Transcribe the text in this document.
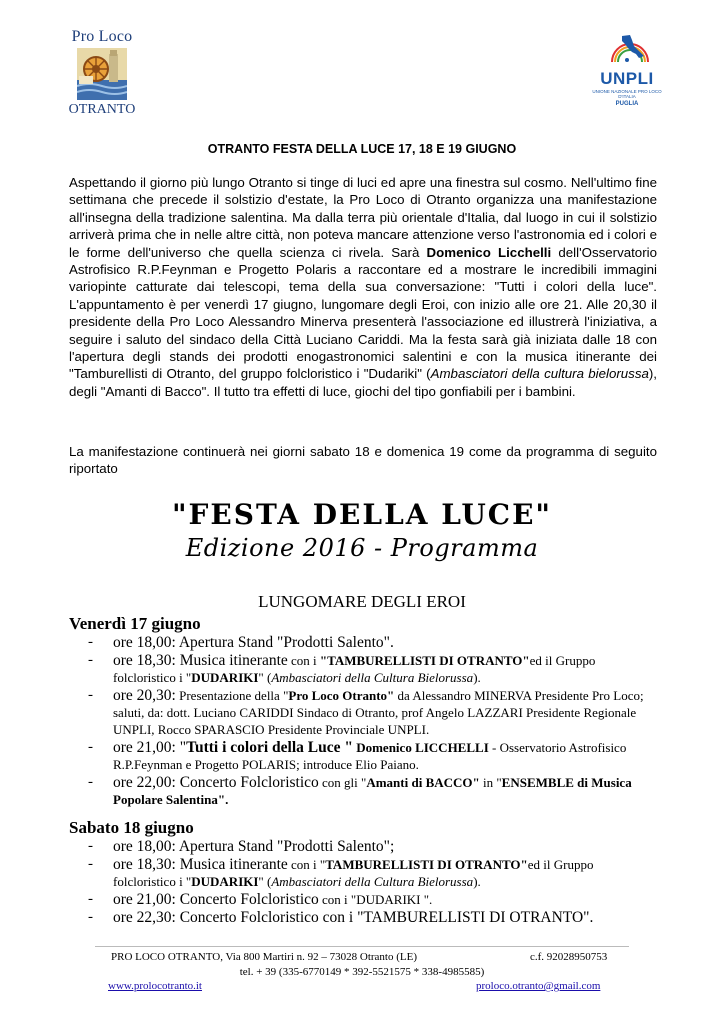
Pro Loco
OTRANTO
UNPLI
UNIONE NAZIONALE PRO LOCO D'ITALIA
PUGLIA
OTRANTO FESTA DELLA LUCE 17, 18 E 19 GIUGNO
Aspettando il giorno più lungo Otranto si tinge di luci ed apre una finestra sul cosmo. Nell'ultimo fine settimana che precede il solstizio d'estate, la Pro Loco di Otranto organizza una manifestazione all'insegna della tradizione salentina. Ma dalla terra più orientale d'Italia, dal luogo in cui il solstizio arriverà prima che in nelle altre città, non poteva mancare attenzione verso l'astronomia ed i colori e le forme dell'universo che quella scienza ci rivela. Sarà Domenico Licchelli dell'Osservatorio Astrofisico R.P.Feynman e Progetto Polaris a raccontare ed a mostrare le incredibili immagini variopinte catturate dai telescopi, tema della sua conversazione: "Tutti i colori della luce". L'appuntamento è per venerdì 17 giugno, lungomare degli Eroi, con inizio alle ore 21. Alle 20,30 il presidente della Pro Loco Alessandro Minerva presenterà l'associazione ed illustrerà l'iniziativa, a seguire i saluto del sindaco della Città Luciano Cariddi. Ma la festa sarà già iniziata dalle 18 con l'apertura degli stands dei prodotti enogastronomici salentini e con la musica itinerante dei "Tamburellisti di Otranto, del gruppo folcloristico i "Dudariki" (Ambasciatori della cultura bielorussa), degli "Amanti di Bacco". Il tutto tra effetti di luce, giochi del tipo gonfiabili per i bambini.
La manifestazione continuerà nei giorni sabato 18 e domenica 19 come da programma di seguito riportato
"FESTA DELLA LUCE"
Edizione 2016 - Programma
LUNGOMARE DEGLI EROI
Venerdì 17 giugno
- ore 18,00: Apertura Stand "Prodotti Salento".
- ore 18,30: Musica itinerante con i "TAMBURELLISTI DI OTRANTO"ed il Gruppo folcloristico i "DUDARIKI" (Ambasciatori della Cultura Bielorussa).
- ore 20,30: Presentazione della "Pro Loco Otranto" da Alessandro MINERVA Presidente Pro Loco; saluti, da: dott. Luciano CARIDDI Sindaco di Otranto, prof Angelo LAZZARI Presidente Regionale UNPLI, Rocco SPARASCIO Presidente Provinciale UNPLI.
- ore 21,00: "Tutti i colori della Luce " Domenico LICCHELLI - Osservatorio Astrofisico R.P.Feynman e Progetto POLARIS; introduce Elio Paiano.
- ore 22,00: Concerto Folcloristico con gli "Amanti di BACCO" in "ENSEMBLE di Musica Popolare Salentina".
Sabato 18 giugno
- ore 18,00: Apertura Stand "Prodotti Salento";
- ore 18,30: Musica itinerante con i "TAMBURELLISTI DI OTRANTO"ed il Gruppo folcloristico i "DUDARIKI" (Ambasciatori della Cultura Bielorussa).
- ore 21,00: Concerto Folcloristico con i "DUDARIKI ".
- ore 22,30: Concerto Folcloristico con i "TAMBURELLISTI DI OTRANTO".
PRO LOCO OTRANTO, Via 800 Martiri n. 92 – 73028 Otranto (LE)	c.f. 92028950753
tel. + 39 (335-6770149 * 392-5521575 * 338-4985585)
www.prolocotranto.it	proloco.otranto@gmail.com
